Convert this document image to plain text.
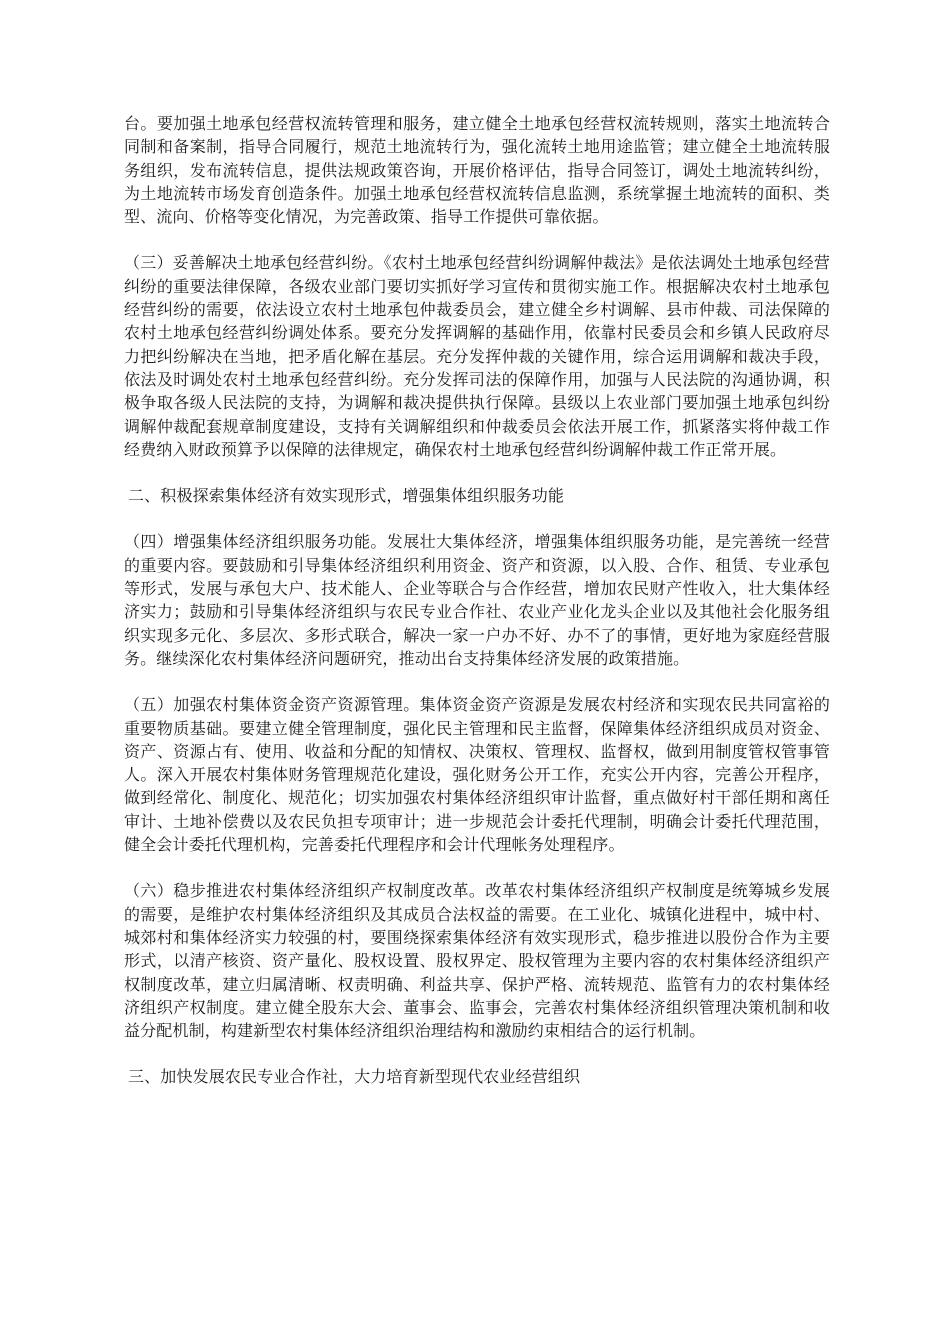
台。要加强土地承包经营权流转管理和服务，建立健全土地承包经营权流转规则，落实土地流转合同制和备案制，指导合同履行，规范土地流转行为，强化流转土地用途监管；建立健全土地流转服务组织，发布流转信息，提供法规政策咨询，开展价格评估，指导合同签订，调处土地流转纠纷，为土地流转市场发育创造条件。加强土地承包经营权流转信息监测，系统掌握土地流转的面积、类型、流向、价格等变化情况，为完善政策、指导工作提供可靠依据。

（三）妥善解决土地承包经营纠纷。《农村土地承包经营纠纷调解仲裁法》是依法调处土地承包经营纠纷的重要法律保障，各级农业部门要切实抓好学习宣传和贯彻实施工作。根据解决农村土地承包经营纠纷的需要，依法设立农村土地承包仲裁委员会，建立健全乡村调解、县市仲裁、司法保障的农村土地承包经营纠纷调处体系。要充分发挥调解的基础作用，依靠村民委员会和乡镇人民政府尽力把纠纷解决在当地，把矛盾化解在基层。充分发挥仲裁的关键作用，综合运用调解和裁决手段，依法及时调处农村土地承包经营纠纷。充分发挥司法的保障作用，加强与人民法院的沟通协调，积极争取各级人民法院的支持，为调解和裁决提供执行保障。县级以上农业部门要加强土地承包纠纷调解仲裁配套规章制度建设，支持有关调解组织和仲裁委员会依法开展工作，抓紧落实将仲裁工作经费纳入财政预算予以保障的法律规定，确保农村土地承包经营纠纷调解仲裁工作正常开展。

二、积极探索集体经济有效实现形式，增强集体组织服务功能

（四）增强集体经济组织服务功能。发展壮大集体经济，增强集体组织服务功能，是完善统一经营的重要内容。要鼓励和引导集体经济组织利用资金、资产和资源，以入股、合作、租赁、专业承包等形式，发展与承包大户、技术能人、企业等联合与合作经营，增加农民财产性收入，壮大集体经济实力；鼓励和引导集体经济组织与农民专业合作社、农业产业化龙头企业以及其他社会化服务组织实现多元化、多层次、多形式联合，解决一家一户办不好、办不了的事情，更好地为家庭经营服务。继续深化农村集体经济问题研究，推动出台支持集体经济发展的政策措施。

（五）加强农村集体资金资产资源管理。集体资金资产资源是发展农村经济和实现农民共同富裕的重要物质基础。要建立健全管理制度，强化民主管理和民主监督，保障集体经济组织成员对资金、资产、资源占有、使用、收益和分配的知情权、决策权、管理权、监督权，做到用制度管权管事管人。深入开展农村集体财务管理规范化建设，强化财务公开工作，充实公开内容，完善公开程序，做到经常化、制度化、规范化；切实加强农村集体经济组织审计监督，重点做好村干部任期和离任审计、土地补偿费以及农民负担专项审计；进一步规范会计委托代理制，明确会计委托代理范围，健全会计委托代理机构，完善委托代理程序和会计代理帐务处理程序。

（六）稳步推进农村集体经济组织产权制度改革。改革农村集体经济组织产权制度是统筹城乡发展的需要，是维护农村集体经济组织及其成员合法权益的需要。在工业化、城镇化进程中，城中村、城郊村和集体经济实力较强的村，要围绕探索集体经济有效实现形式，稳步推进以股份合作为主要形式，以清产核资、资产量化、股权设置、股权界定、股权管理为主要内容的农村集体经济组织产权制度改革，建立归属清晰、权责明确、利益共享、保护严格、流转规范、监管有力的农村集体经济组织产权制度。建立健全股东大会、董事会、监事会，完善农村集体经济组织管理决策机制和收益分配机制，构建新型农村集体经济组织治理结构和激励约束相结合的运行机制。

三、加快发展农民专业合作社，大力培育新型现代农业经营组织
